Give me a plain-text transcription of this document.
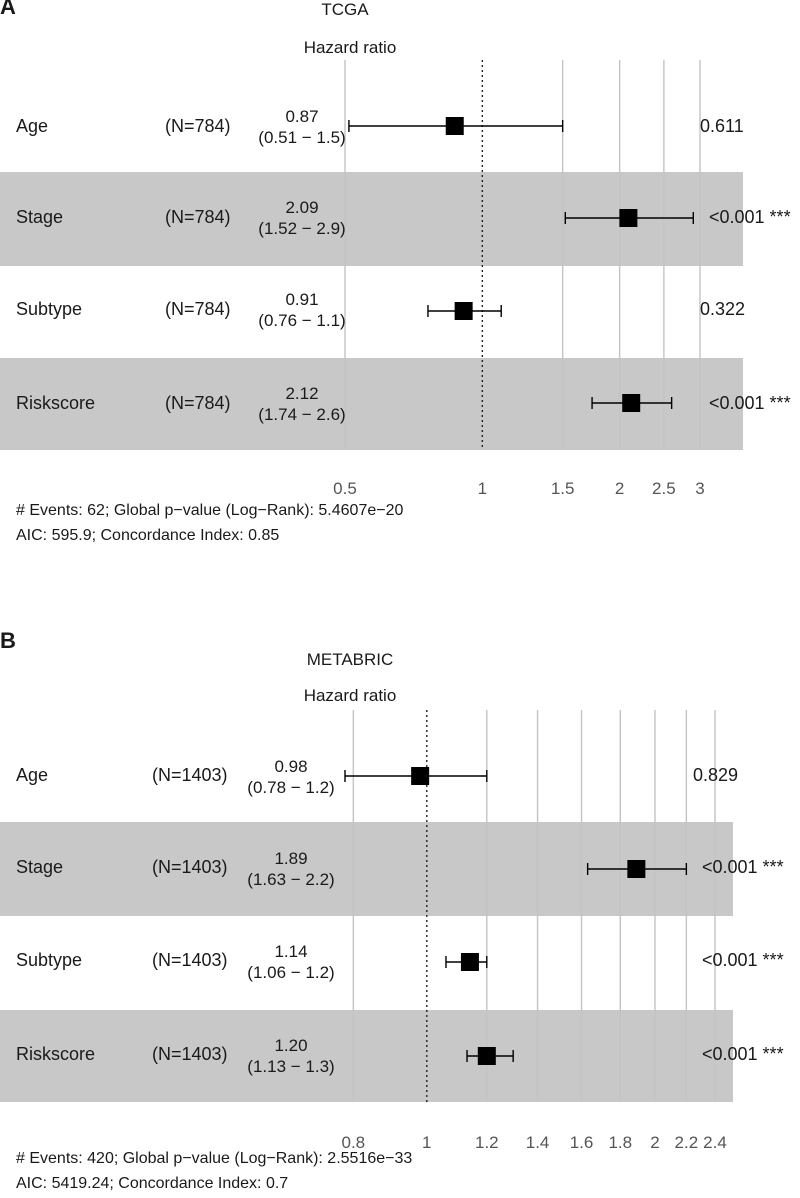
A	TCGA
Hazard ratio
0.5	1	1.5 2 2.5 3
Age	(N=784)	0.87
(0.51 − 1.5)
0.611
Stage	(N=784)	2.09
(1.52 − 2.9)
<0.001 ***
Subtype	(N=784)	0.91
(0.76 − 1.1)
0.322
Riskscore	(N=784)	2.12
(1.74 − 2.6)
<0.001 ***
# Events: 62; Global p−value (Log−Rank): 5.4607e−20
AIC: 595.9; Concordance Index: 0.85
B
METABRIC
Hazard ratio
0.8	1	1.2 1.4 1.6 1.8 2 2.2 2.4
Age	(N=1403)	0.98
(0.78 − 1.2)
0.829
Stage	(N=1403)	1.89
(1.63 − 2.2)
<0.001 ***
Subtype	(N=1403)	1.14
(1.06 − 1.2)
<0.001 ***
Riskscore	(N=1403)	1.20
(1.13 − 1.3)
<0.001 ***
# Events: 420; Global p−value (Log−Rank): 2.5516e−33
AIC: 5419.24; Concordance Index: 0.7
